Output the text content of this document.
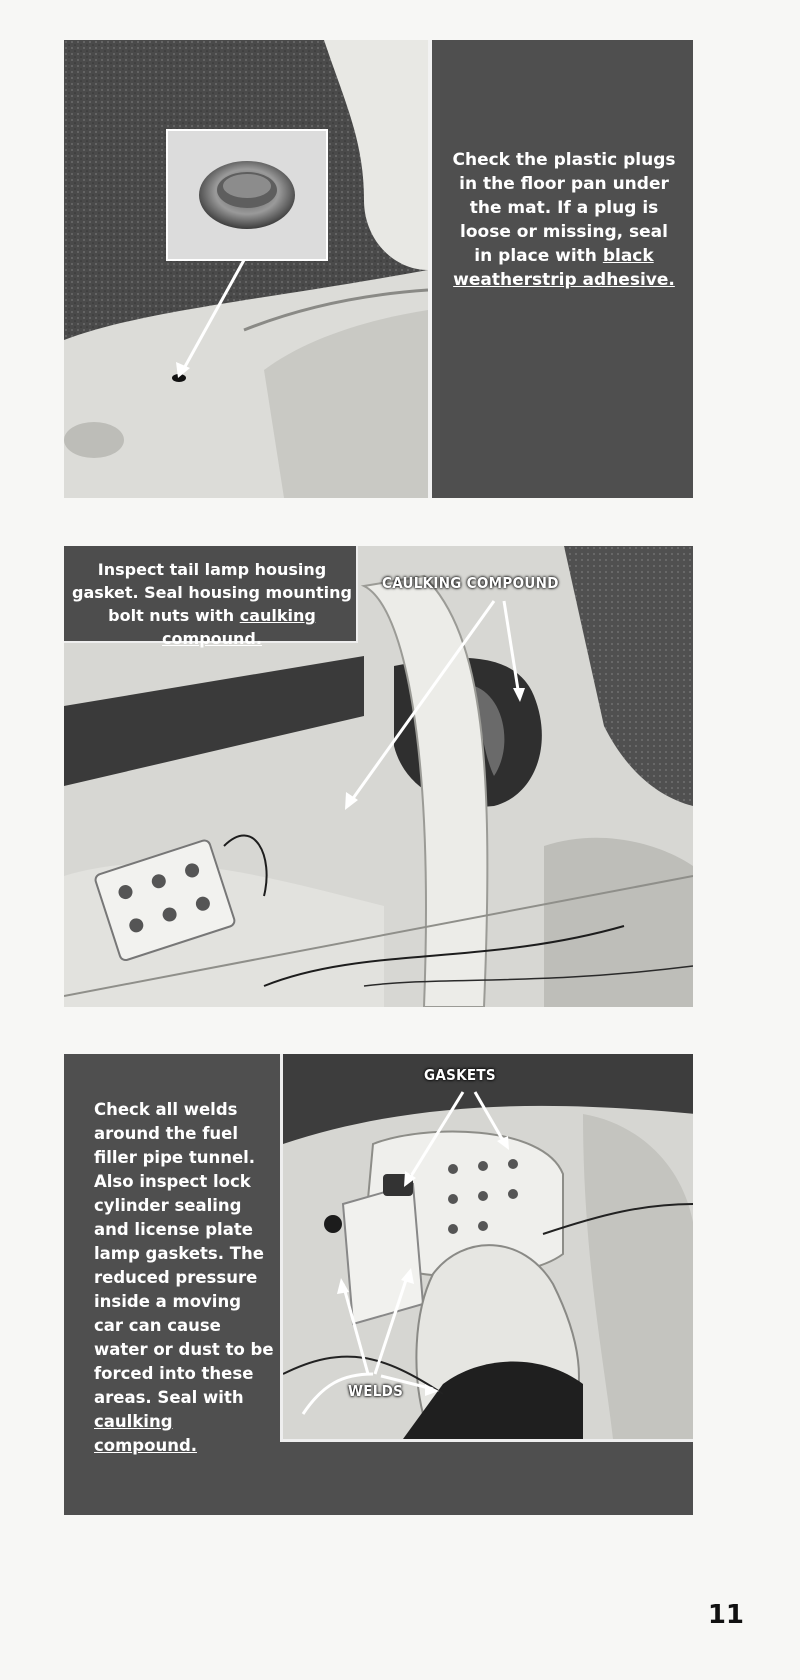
Check the plastic plugs in the floor pan under the mat. If a plug is loose or missing, seal in place with black weatherstrip adhesive.
Inspect tail lamp housing gasket. Seal housing mounting bolt nuts with caulking compound.
CAULKING COMPOUND
GASKETS
WELDS
Check all welds around the fuel filler pipe tunnel. Also inspect lock cylinder sealing and license plate lamp gaskets. The reduced pressure inside a moving car can cause water or dust to be forced into these areas. Seal with caulking compound.
11
